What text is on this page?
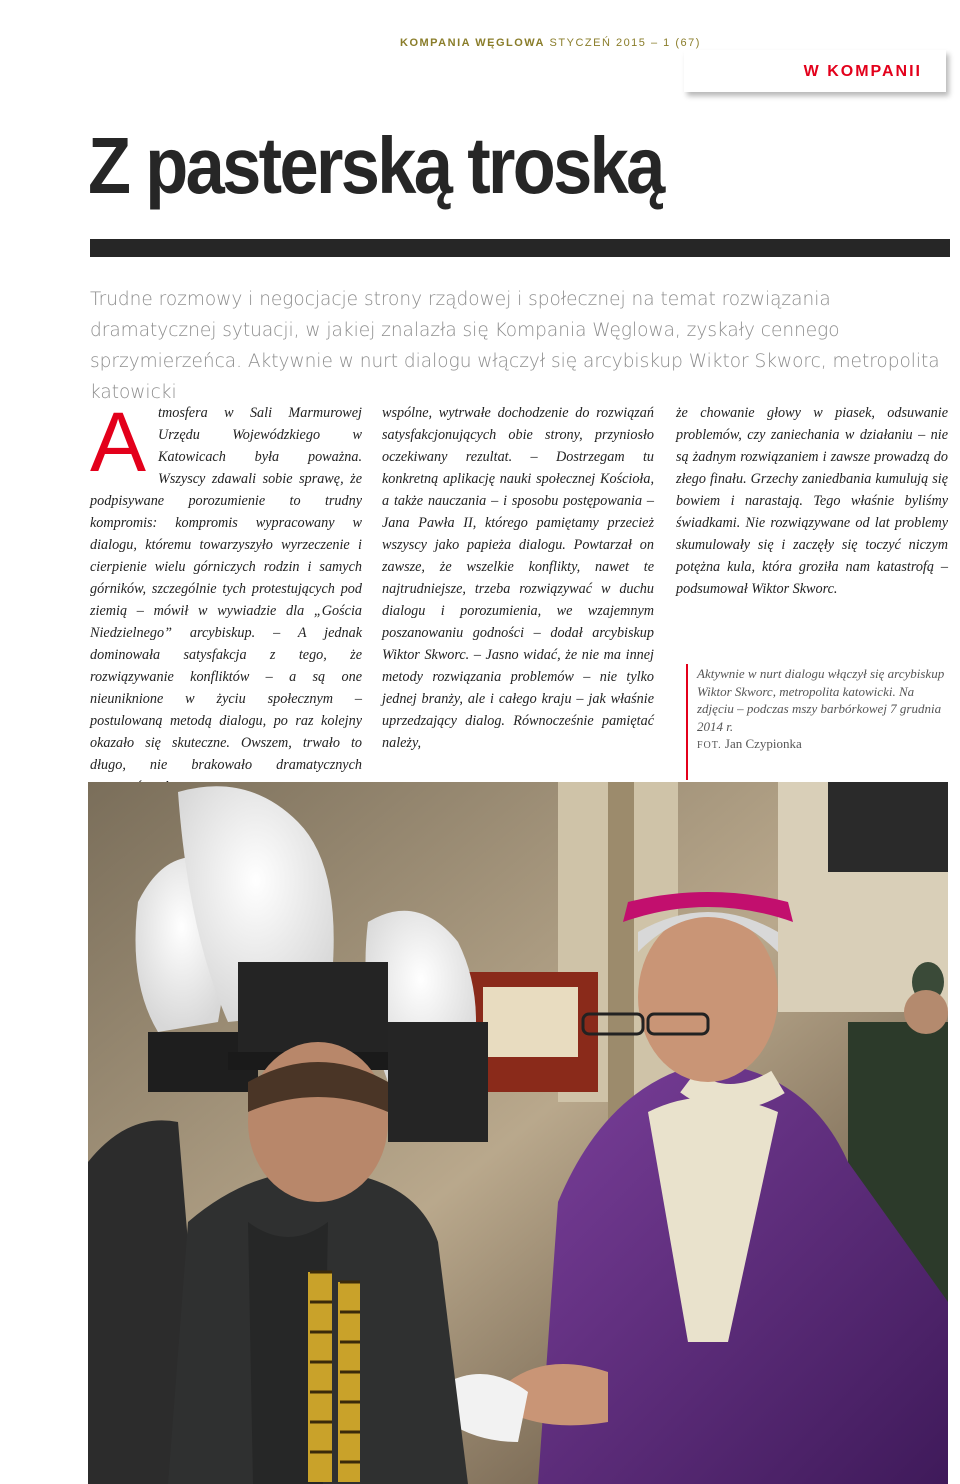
KOMPANIA WĘGLOWA STYCZEŃ 2015 – 1 (67)
W KOMPANII
Z pasterską troską

Trudne rozmowy i negocjacje strony rządowej i społecznej na temat rozwiązania dramatycznej sytuacji, w jakiej znalazła się Kompania Węglowa, zyskały cennego sprzymierzeńca. Aktywnie w nurt dialogu włączył się arcybiskup Wiktor Skworc, metropolita katowicki

Atmosfera w Sali Marmurowej Urzędu Wojewódzkiego w Katowicach była poważna. Wszyscy zdawali sobie sprawę, że podpisywane porozumienie to trudny kompromis: kompromis wypracowany w dialogu, któremu towarzyszyło wyrzeczenie i cierpienie wielu górniczych rodzin i samych górników, szczególnie tych protestujących pod ziemią – mówił w wywiadzie dla „Gościa Niedzielnego” arcybiskup. – A jednak dominowała satysfakcja z tego, że rozwiązywanie konfliktów – a są one nieuniknione w życiu społecznym – postulowaną metodą dialogu, po raz kolejny okazało się skuteczne. Owszem, trwało to długo, nie brakowało dramatycznych

wspólne, wytrwałe dochodzenie do rozwiązań satysfakcjonujących obie strony, przyniosło oczekiwany rezultat. – Dostrzegam tu konkretną aplikację nauki społecznej Kościoła, a także nauczania – i sposobu postępowania – Jana Pawła II, którego pamiętamy przecież wszyscy jako papieża dialogu. Powtarzał on zawsze, że wszelkie konflikty, nawet te najtrudniejsze, trzeba rozwiązywać w duchu dialogu i porozumienia, we wzajemnym poszanowaniu godności – dodał arcybiskup Wiktor Skworc. – Jasno widać, że nie ma innej metody rozwiązania problemów – nie tylko jednej branży, ale i całego kraju – jak właśnie uprzedzający dialog. Równocześnie pamiętać należy,

że chowanie głowy w piasek, odsuwanie problemów, czy zaniechania w działaniu – nie są żadnym rozwiązaniem i zawsze prowadzą do złego finału. Grzechy zaniedbania kumulują się bowiem i narastają. Tego właśnie byliśmy świadkami. Nie rozwiązywane od lat problemy skumulowały się i zaczęły się toczyć niczym potężna kula, która groziła nam katastrofą – podsumował Wiktor Skworc.

Aktywnie w nurt dialogu włączył się arcybiskup Wiktor Skworc, metropolita katowicki. Na zdjęciu – podczas mszy barbórkowej 7 grudnia 2014 r.
FOT. Jan Czypionka
